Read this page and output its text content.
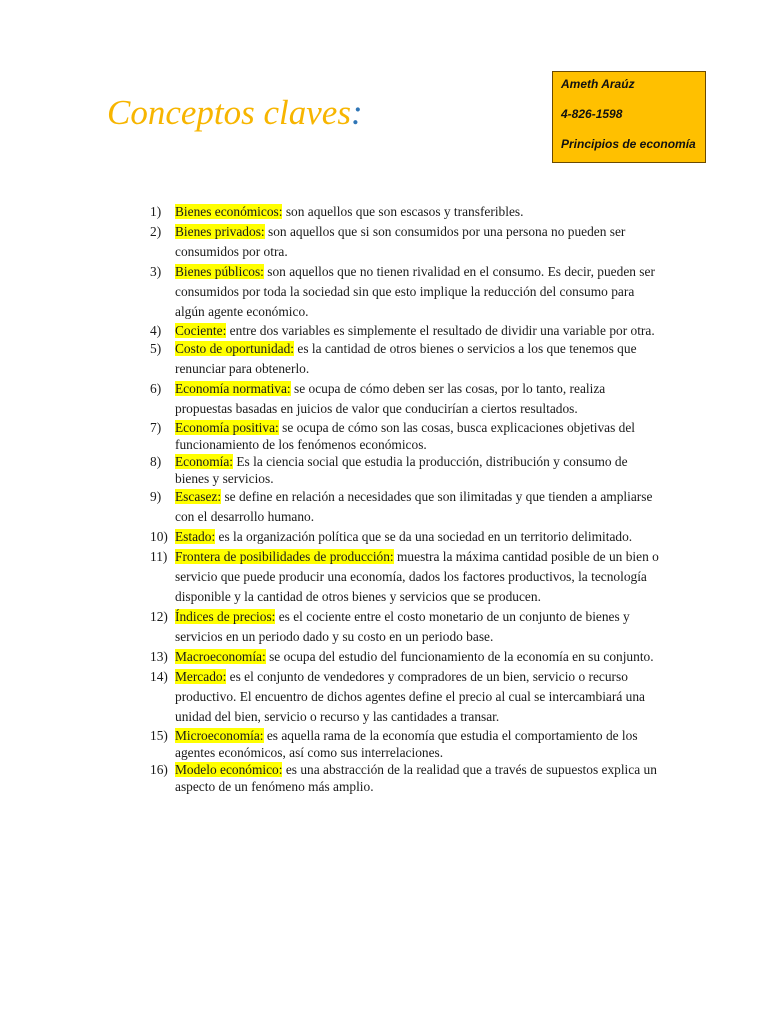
Conceptos claves:
Ameth Araúz
4-826-1598
Principios de economía
1) Bienes económicos: son aquellos que son escasos y transferibles.
2) Bienes privados: son aquellos que si son consumidos por una persona no pueden ser consumidos por otra.
3) Bienes públicos: son aquellos que no tienen rivalidad en el consumo. Es decir, pueden ser consumidos por toda la sociedad sin que esto implique la reducción del consumo para algún agente económico.
4) Cociente: entre dos variables es simplemente el resultado de dividir una variable por otra.
5) Costo de oportunidad: es la cantidad de otros bienes o servicios a los que tenemos que renunciar para obtenerlo.
6) Economía normativa: se ocupa de cómo deben ser las cosas, por lo tanto, realiza propuestas basadas en juicios de valor que conducirían a ciertos resultados.
7) Economía positiva: se ocupa de cómo son las cosas, busca explicaciones objetivas del funcionamiento de los fenómenos económicos.
8) Economía: Es la ciencia social que estudia la producción, distribución y consumo de bienes y servicios.
9) Escasez: se define en relación a necesidades que son ilimitadas y que tienden a ampliarse con el desarrollo humano.
10) Estado: es la organización política que se da una sociedad en un territorio delimitado.
11) Frontera de posibilidades de producción: muestra la máxima cantidad posible de un bien o servicio que puede producir una economía, dados los factores productivos, la tecnología disponible y la cantidad de otros bienes y servicios que se producen.
12) Índices de precios: es el cociente entre el costo monetario de un conjunto de bienes y servicios en un periodo dado y su costo en un periodo base.
13) Macroeconomía: se ocupa del estudio del funcionamiento de la economía en su conjunto.
14) Mercado: es el conjunto de vendedores y compradores de un bien, servicio o recurso productivo. El encuentro de dichos agentes define el precio al cual se intercambiará una unidad del bien, servicio o recurso y las cantidades a transar.
15) Microeconomía: es aquella rama de la economía que estudia el comportamiento de los agentes económicos, así como sus interrelaciones.
16) Modelo económico: es una abstracción de la realidad que a través de supuestos explica un aspecto de un fenómeno más amplio.
